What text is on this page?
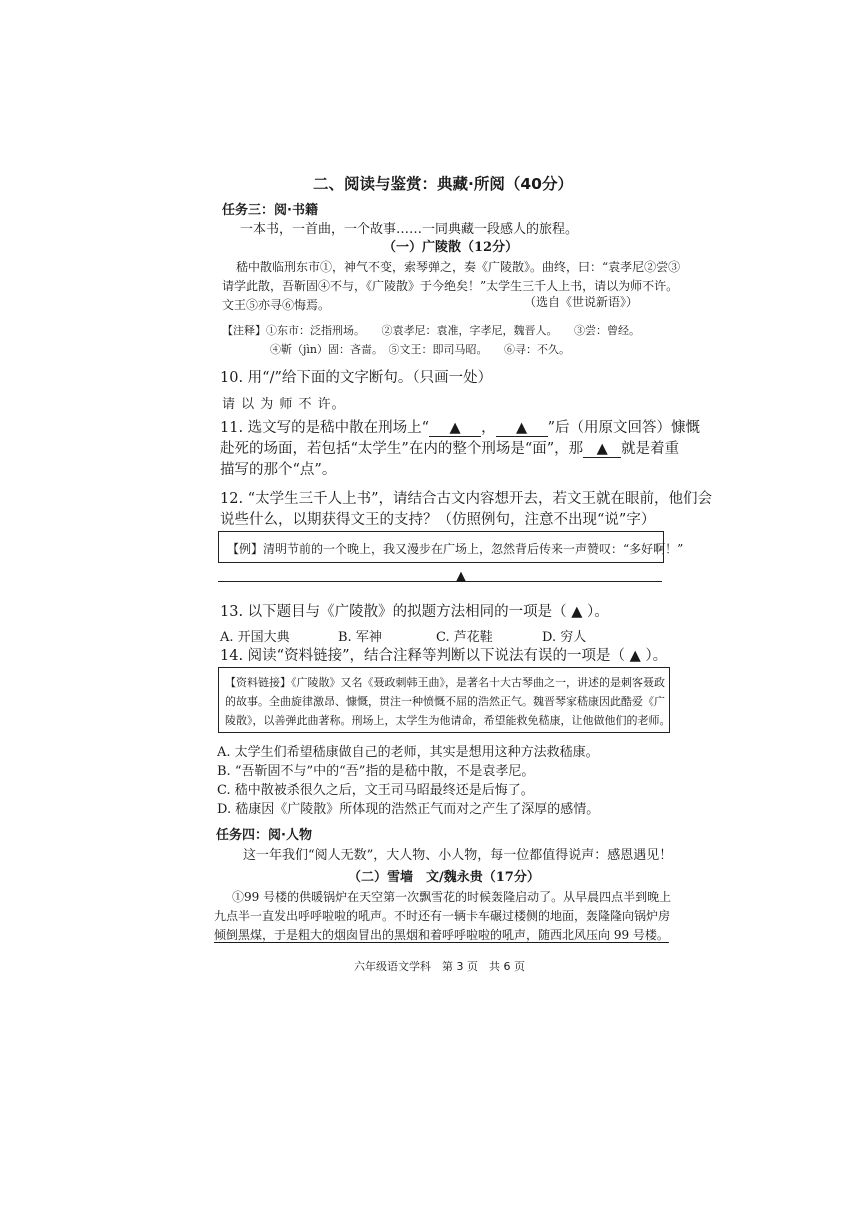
二、阅读与鉴赏：典藏·所阅（40分）
任务三：阅·书籍
一本书，一首曲，一个故事……一同典藏一段感人的旅程。
（一）广陵散（12分）
嵇中散临刑东市①，神气不变，索琴弹之，奏《广陵散》。曲终，曰：“袁孝尼②尝③
请学此散，吾靳固④不与，《广陵散》于今绝矣！”太学生三千人上书，请以为师不许。
文王⑤亦寻⑥悔焉。	（选自《世说新语》）
【注释】①东市：泛指刑场。　　②袁孝尼：袁准，字孝尼，魏晋人。　　③尝：曾经。
④靳（jìn）固：吝啬。　⑤文王：即司马昭。　　⑥寻：不久。
10. 用“/”给下面的文字断句。（只画一处）
请 以 为 师 不 许。
11. 选文写的是嵇中散在刑场上“ ▲ ， ▲ ”后（用原文回答）慷慨
赴死的场面，若包括“太学生”在内的整个刑场是“面”，那 ▲ 就是着重
描写的那个“点”。
12. “太学生三千人上书”，请结合古文内容想开去，若文王就在眼前，他们会
说些什么，以期获得文王的支持？（仿照例句，注意不出现“说”字）
【例】清明节前的一个晚上，我又漫步在广场上，忽然背后传来一声赞叹：“多好啊！”
▲
13. 以下题目与《广陵散》的拟题方法相同的一项是（ ▲ ）。
A. 开国大典	B. 军神	C. 芦花鞋	D. 穷人
14. 阅读“资料链接”，结合注释等判断以下说法有误的一项是（ ▲ ）。
【资料链接】《广陵散》又名《聂政刺韩王曲》，是著名十大古琴曲之一，讲述的是刺客聂政
的故事。全曲旋律激昂、慷慨，贯注一种愤慨不屈的浩然正气。魏晋琴家嵇康因此酷爱《广
陵散》，以善弹此曲著称。刑场上，太学生为他请命，希望能救免嵇康，让他做他们的老师。
A. 太学生们希望嵇康做自己的老师，其实是想用这种方法救嵇康。
B. “吾靳固不与”中的“吾”指的是嵇中散，不是袁孝尼。
C. 嵇中散被杀很久之后，文王司马昭最终还是后悔了。
D. 嵇康因《广陵散》所体现的浩然正气而对之产生了深厚的感情。
任务四：阅·人物
这一年我们“阅人无数”，大人物、小人物，每一位都值得说声：感恩遇见！
（二）雪墙　文/魏永贵（17分）
①99 号楼的供暖锅炉在天空第一次飘雪花的时候轰隆启动了。从早晨四点半到晚上
九点半一直发出呼呼啦啦的吼声。不时还有一辆卡车碾过楼侧的地面，轰隆隆向锅炉房
倾倒黑煤，于是粗大的烟囱冒出的黑烟和着呼呼啦啦的吼声，随西北风压向 99 号楼。
六年级语文学科　第 3 页　共 6 页
